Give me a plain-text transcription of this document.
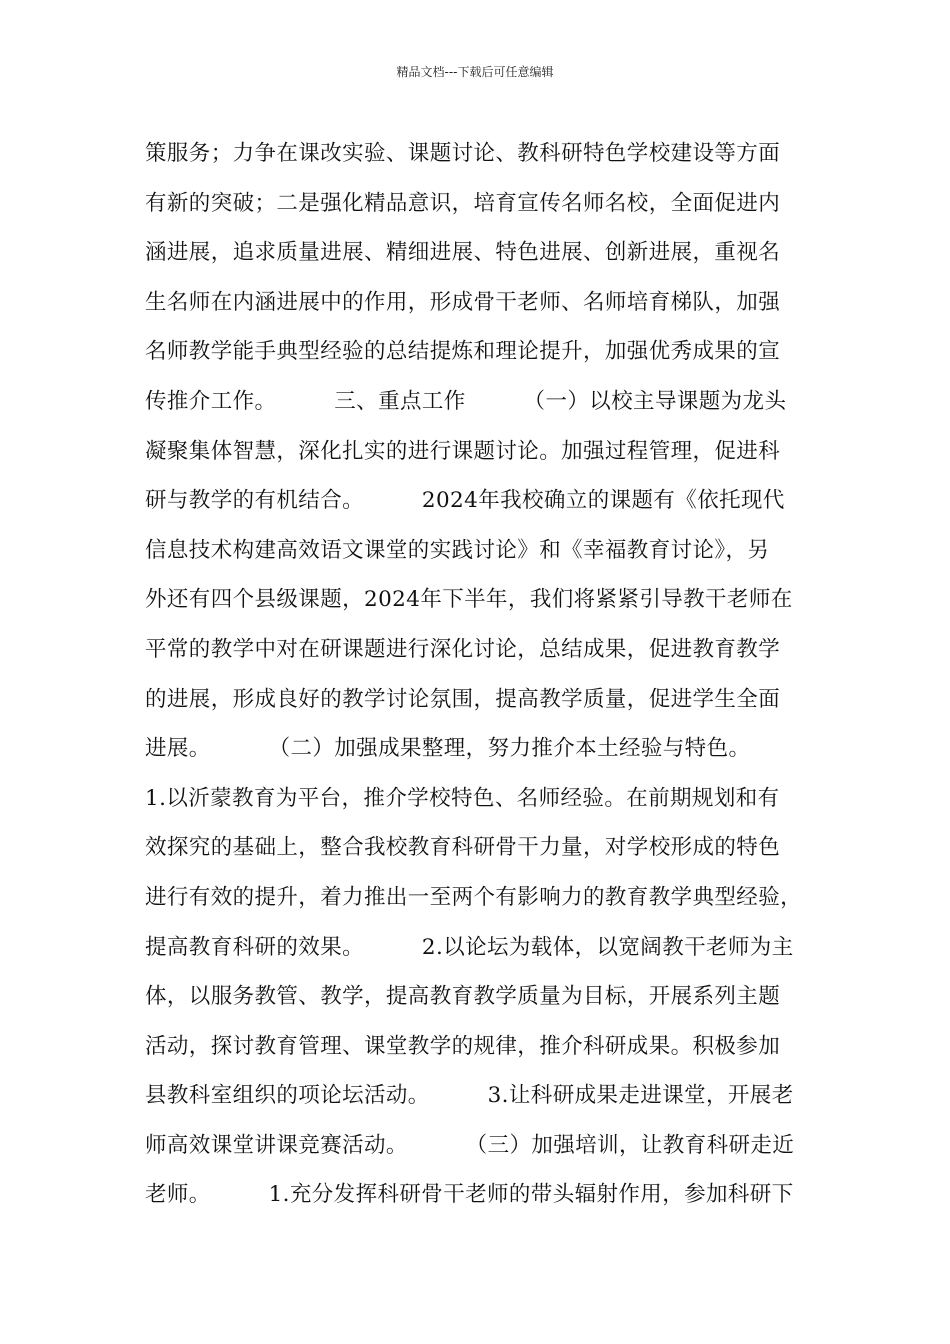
精品文档---下载后可任意编辑
策服务；力争在课改实验、课题讨论、教科研特色学校建设等方面
有新的突破；二是强化精品意识，培育宣传名师名校，全面促进内
涵进展，追求质量进展、精细进展、特色进展、创新进展，重视名
生名师在内涵进展中的作用，形成骨干老师、名师培育梯队，加强
名师教学能手典型经验的总结提炼和理论提升，加强优秀成果的宣
传推介工作。        三、重点工作        （一）以校主导课题为龙头
凝聚集体智慧，深化扎实的进行课题讨论。加强过程管理，促进科
研与教学的有机结合。        2024年我校确立的课题有《依托现代
信息技术构建高效语文课堂的实践讨论》和《幸福教育讨论》，另
外还有四个县级课题，2024年下半年，我们将紧紧引导教干老师在
平常的教学中对在研课题进行深化讨论，总结成果，促进教育教学
的进展，形成良好的教学讨论氛围，提高教学质量，促进学生全面
进展。        （二）加强成果整理，努力推介本土经验与特色。
1.以沂蒙教育为平台，推介学校特色、名师经验。在前期规划和有
效探究的基础上，整合我校教育科研骨干力量，对学校形成的特色
进行有效的提升，着力推出一至两个有影响力的教育教学典型经验，
提高教育科研的效果。        2.以论坛为载体，以宽阔教干老师为主
体，以服务教管、教学，提高教育教学质量为目标，开展系列主题
活动，探讨教育管理、课堂教学的规律，推介科研成果。积极参加
县教科室组织的项论坛活动。        3.让科研成果走进课堂，开展老
师高效课堂讲课竞赛活动。        （三）加强培训，让教育科研走近
老师。        1.充分发挥科研骨干老师的带头辐射作用，参加科研下
